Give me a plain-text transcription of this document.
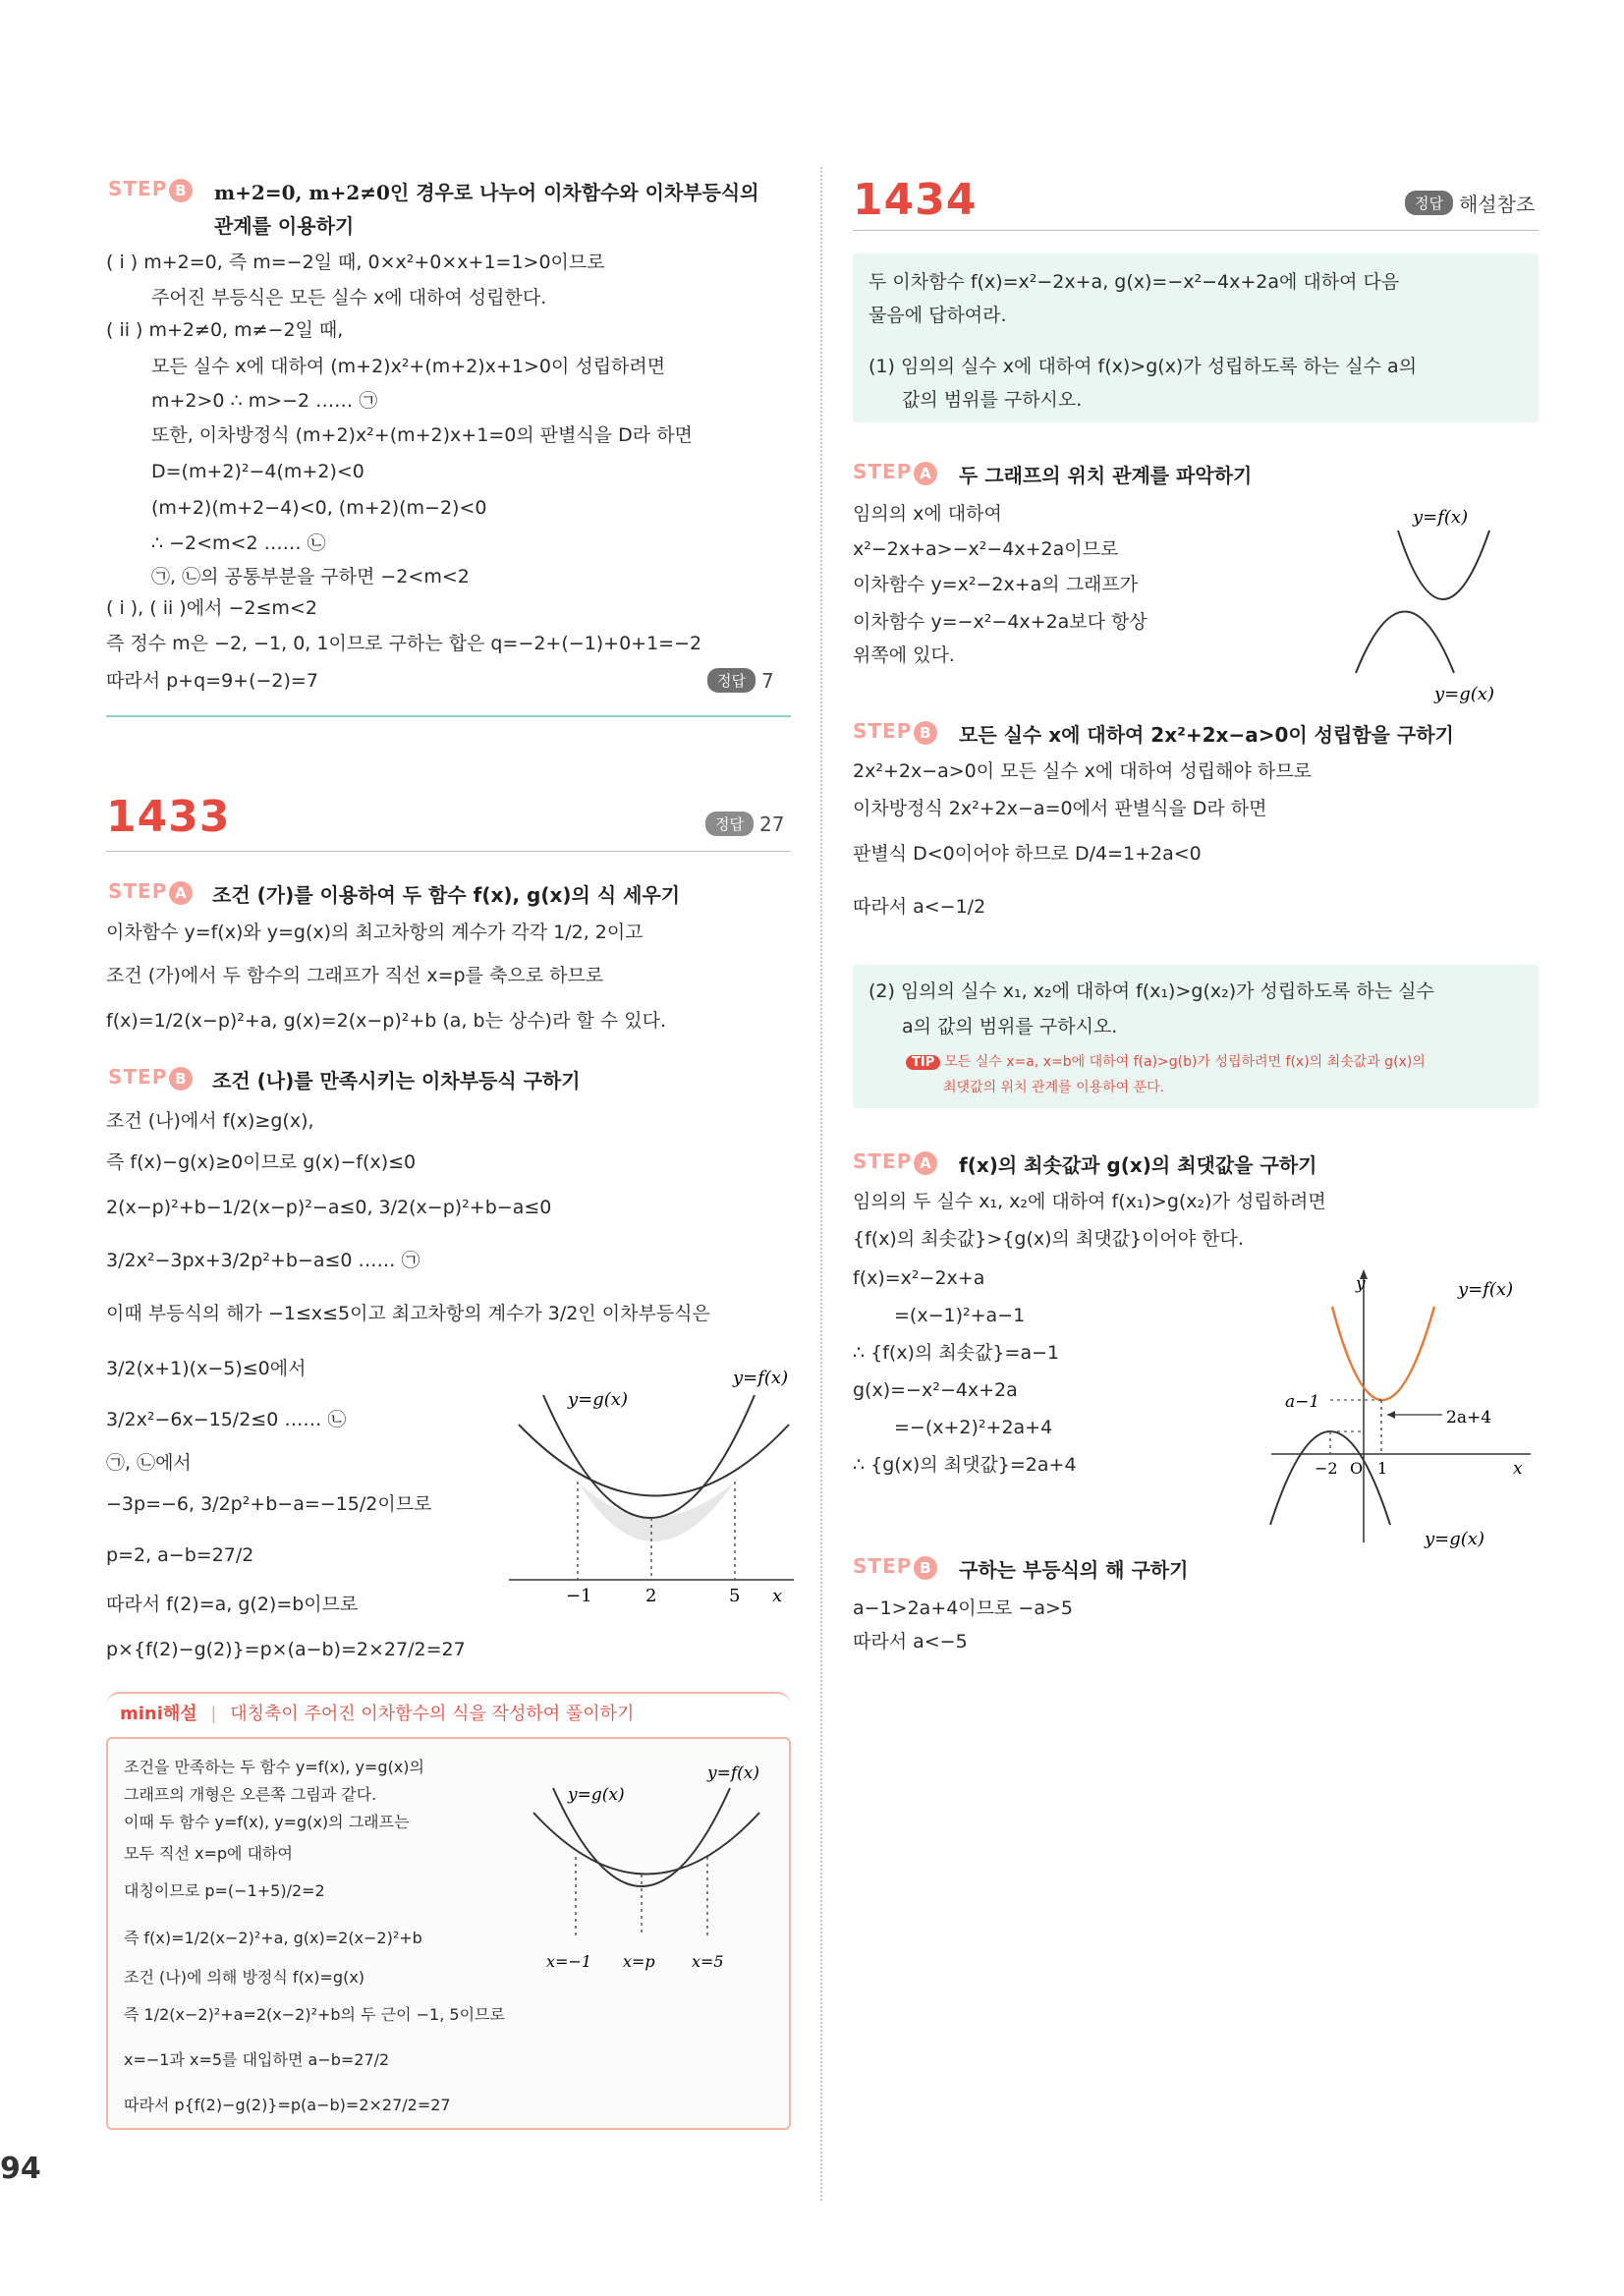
STEP B m+2=0, m+2≠0인 경우로 나누어 이차함수와 이차부등식의
관계를 이용하기
( i ) m+2=0, 즉 m=−2일 때, 0×x²+0×x+1=1>0이므로
주어진 부등식은 모든 실수 x에 대하여 성립한다.
( ii ) m+2≠0, m≠−2일 때,
모든 실수 x에 대하여 (m+2)x²+(m+2)x+1>0이 성립하려면
m+2>0 ∴ m>−2 …… ㉠
또한, 이차방정식 (m+2)x²+(m+2)x+1=0의 판별식을 D라 하면
D=(m+2)²−4(m+2)<0
(m+2)(m+2−4)<0, (m+2)(m−2)<0
∴ −2<m<2 …… ㉡
㉠, ㉡의 공통부분을 구하면 −2<m<2
( i ), ( ii )에서 −2≤m<2
즉 정수 m은 −2, −1, 0, 1이므로 구하는 합은 q=−2+(−1)+0+1=−2
따라서 p+q=9+(−2)=7	정답 7
1433	정답 27
STEP A 조건 (가)를 이용하여 두 함수 f(x), g(x)의 식 세우기
이차함수 y=f(x)와 y=g(x)의 최고차항의 계수가 각각 1/2, 2이고
조건 (가)에서 두 함수의 그래프가 직선 x=p를 축으로 하므로
f(x)=1/2(x−p)²+a, g(x)=2(x−p)²+b (a, b는 상수)라 할 수 있다.
STEP B 조건 (나)를 만족시키는 이차부등식 구하기
조건 (나)에서 f(x)≥g(x),
즉 f(x)−g(x)≥0이므로 g(x)−f(x)≤0
2(x−p)²+b−1/2(x−p)²−a≤0, 3/2(x−p)²+b−a≤0
3/2x²−3px+3/2p²+b−a≤0 …… ㉠
이때 부등식의 해가 −1≤x≤5이고 최고차항의 계수가 3/2인 이차부등식은
3/2(x+1)(x−5)≤0에서
3/2x²−6x−15/2≤0 …… ㉡
㉠, ㉡에서
−3p=−6, 3/2p²+b−a=−15/2이므로
p=2, a−b=27/2
따라서 f(2)=a, g(2)=b이므로
p×{f(2)−g(2)}=p×(a−b)=2×27/2=27
y=g(x)
y=f(x)
−1	2	5 x
mini해설 | 대칭축이 주어진 이차함수의 식을 작성하여 풀이하기
조건을 만족하는 두 함수 y=f(x), y=g(x)의
그래프의 개형은 오른쪽 그림과 같다.
이때 두 함수 y=f(x), y=g(x)의 그래프는
모두 직선 x=p에 대하여
대칭이므로 p=(−1+5)/2=2
즉 f(x)=1/2(x−2)²+a, g(x)=2(x−2)²+b
조건 (나)에 의해 방정식 f(x)=g(x)
즉 1/2(x−2)²+a=2(x−2)²+b의 두 근이 −1, 5이므로
x=−1과 x=5를 대입하면 a−b=27/2
따라서 p{f(2)−g(2)}=p(a−b)=2×27/2=27
y=g(x)
y=f(x)
x=−1 x=p x=5
1434	정답 해설참조
두 이차함수 f(x)=x²−2x+a, g(x)=−x²−4x+2a에 대하여 다음
물음에 답하여라.
(1) 임의의 실수 x에 대하여 f(x)>g(x)가 성립하도록 하는 실수 a의
값의 범위를 구하시오.
STEP A 두 그래프의 위치 관계를 파악하기
임의의 x에 대하여
x²−2x+a>−x²−4x+2a이므로
이차함수 y=x²−2x+a의 그래프가
이차함수 y=−x²−4x+2a보다 항상
위쪽에 있다.
y=f(x)
y=g(x)
STEP B 모든 실수 x에 대하여 2x²+2x−a>0이 성립함을 구하기
2x²+2x−a>0이 모든 실수 x에 대하여 성립해야 하므로
이차방정식 2x²+2x−a=0에서 판별식을 D라 하면
판별식 D<0이어야 하므로 D/4=1+2a<0
따라서 a<−1/2
(2) 임의의 실수 x₁, x₂에 대하여 f(x₁)>g(x₂)가 성립하도록 하는 실수
a의 값의 범위를 구하시오.
TIP 모든 실수 x=a, x=b에 대하여 f(a)>g(b)가 성립하려면 f(x)의 최솟값과 g(x)의
최댓값의 위치 관계를 이용하여 푼다.
STEP A f(x)의 최솟값과 g(x)의 최댓값을 구하기
임의의 두 실수 x₁, x₂에 대하여 f(x₁)>g(x₂)가 성립하려면
{f(x)의 최솟값}>{g(x)의 최댓값}이어야 한다.
f(x)=x²−2x+a
=(x−1)²+a−1
∴ {f(x)의 최솟값}=a−1
g(x)=−x²−4x+2a
=−(x+2)²+2a+4
∴ {g(x)의 최댓값}=2a+4
y	y=f(x)
y=g(x)
a−1
2a+4
−2 O 1	x
STEP B 구하는 부등식의 해 구하기
a−1>2a+4이므로 −a>5
따라서 a<−5
94
